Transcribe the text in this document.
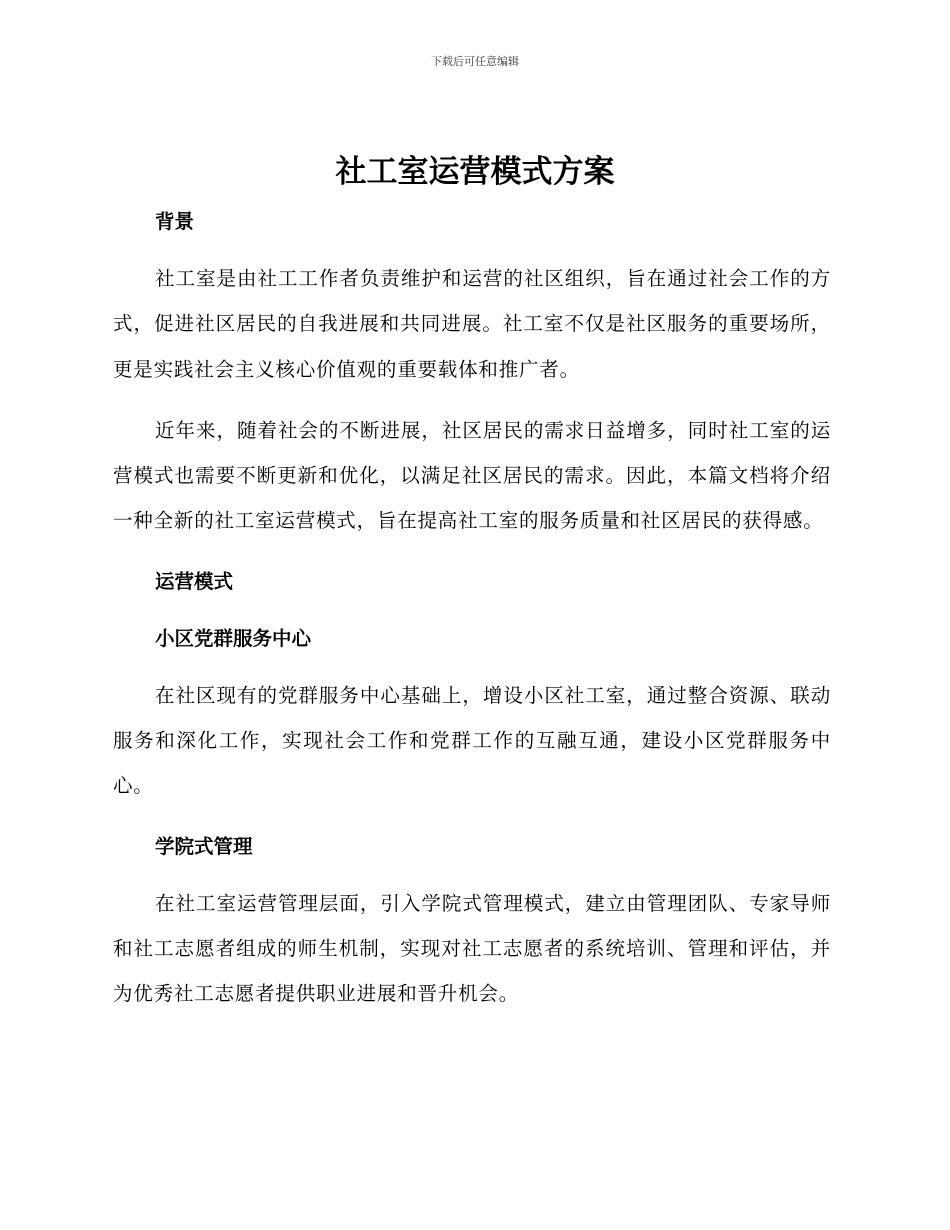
下载后可任意编辑
社工室运营模式方案
背景

社工室是由社工工作者负责维护和运营的社区组织，旨在通过社会工作的方式，促进社区居民的自我进展和共同进展。社工室不仅是社区服务的重要场所，更是实践社会主义核心价值观的重要载体和推广者。

近年来，随着社会的不断进展，社区居民的需求日益增多，同时社工室的运营模式也需要不断更新和优化，以满足社区居民的需求。因此，本篇文档将介绍一种全新的社工室运营模式，旨在提高社工室的服务质量和社区居民的获得感。

运营模式
小区党群服务中心

在社区现有的党群服务中心基础上，增设小区社工室，通过整合资源、联动服务和深化工作，实现社会工作和党群工作的互融互通，建设小区党群服务中心。

学院式管理

在社工室运营管理层面，引入学院式管理模式，建立由管理团队、专家导师和社工志愿者组成的师生机制，实现对社工志愿者的系统培训、管理和评估，并为优秀社工志愿者提供职业进展和晋升机会。
